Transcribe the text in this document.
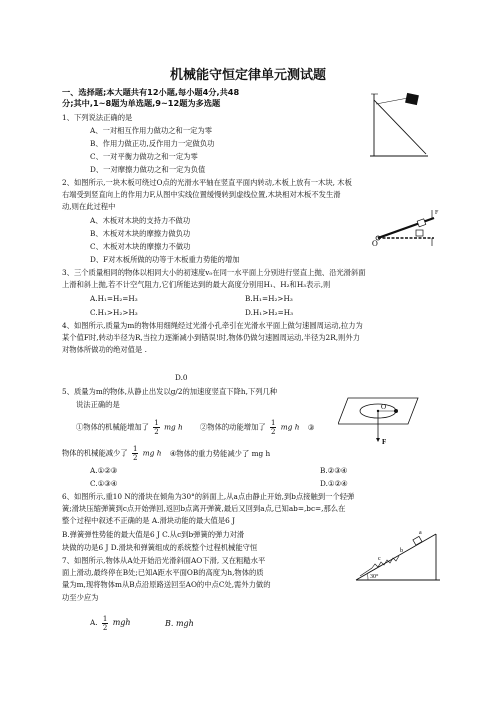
机械能守恒定律单元测试题
一、选择题;本大题共有12小题,每小题4分,共48
分;其中,1~8题为单选题,9~12题为多选题
1、下列说法正确的是
A、一对相互作用力做功之和一定为零
B、作用力做正功,反作用力一定做负功
C、一对平衡力做功之和一定为零
D、一对摩擦力做功之和一定为负值
2、如图所示,一块木板可绕过O点的光滑水平轴在竖直平面内转动,木板上放有一木块, 木板
右端受到竖直向上的作用力F,从图中实线位置缓慢转到虚线位置,木块相对木板不发生滑
动,则在此过程中
A、木板对木块的支持力不做功
B、木板对木块的摩擦力做负功
C、木板对木块的摩擦力不做功
D、F对木板所做的功等于木板重力势能的增加
O
F
3、三个质量相同的物体以相同大小的初速度v₀在同一水平面上分别进行竖直上抛、沿光滑斜面
上滑和斜上抛,若不计空气阻力,它们所能达到的最大高度分别用H₁、H₂和H₃表示,则
A.H₁=H₂=H₃	B.H₁=H₂>H₃
C.H₁>H₂>H₃	D.H₁>H₂=H₃
4、如图所示,质量为m的物体用细绳经过光滑小孔牵引在光滑水平面上做匀速圆周运动,拉力为
某个值F时,转动半径为R,当拉力逐渐减小到错误!时,物体仍做匀速圆周运动,半径为2R,则外力
对物体所做功的绝对值是 .
D.0
5、质量为m的物体,从静止出发以g/2的加速度竖直下降h,下列几种
说法正确的是
①物体的机械能增加了 $\frac{1}{2}$ mg h ②物体的动能增加了 $\frac{1}{2}$ mg h ③
物体的机械能减少了 $\frac{1}{2}$ mg h ④物体的重力势能减少了 mg h
A.①②③	B.②③④
C.①③④	D.①②④
O
F
6、如图所示,重10 N的滑块在倾角为30°的斜面上,从a点由静止开始,到b点接触到一个轻弹
簧;滑块压缩弹簧到c点开始弹回,返回b点离开弹簧,最后又回到a点,已知ab=,bc=,那么在
整个过程中叙述不正确的是 A.滑块动能的最大值是6 J
B.弹簧弹性势能的最大值是6 J C.从c到b弹簧的弹力对滑
块做的功是6 J D.滑块和弹簧组成的系统整个过程机械能守恒
30°
a
b
c
7、如图所示,物体从A处开始沿光滑斜面AO下滑, 又在粗糙水平
面上滑动,最终停在B处;已知A距水平面OB的高度为h,物体的质
量为m,现将物体m从B点沿原路送回至AO的中点C处,需外力做的
功至少应为
A. $\frac{1}{2}$ mgh	B. mgh
